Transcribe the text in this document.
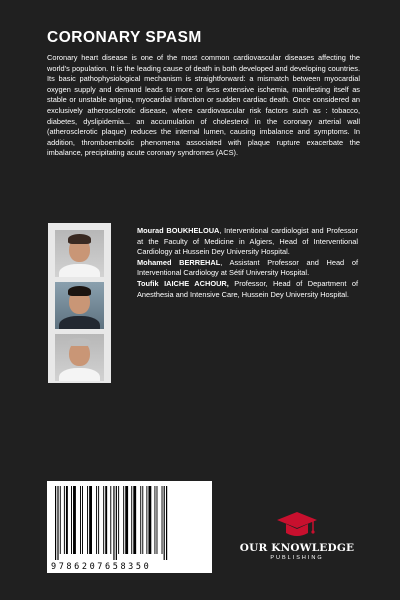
CORONARY SPASM
Coronary heart disease is one of the most common cardiovascular diseases affecting the world's population. It is the leading cause of death in both developed and developing countries. Its basic pathophysiological mechanism is straightforward: a mismatch between myocardial oxygen supply and demand leads to more or less extensive ischemia, manifesting itself as stable or unstable angina, myocardial infarction or sudden cardiac death. Once considered an exclusively atherosclerotic disease, where cardiovascular risk factors such as : tobacco, diabetes, dyslipidemia... an accumulation of cholesterol in the coronary arterial wall (atherosclerotic plaque) reduces the internal lumen, causing imbalance and symptoms. In addition, thromboembolic phenomena associated with plaque rupture exacerbate the imbalance, precipitating acute coronary syndromes (ACS).

Mourad BOUKHELOUA, Interventional cardiologist and Professor at the Faculty of Medicine in Algiers, Head of Interventional Cardiology at Hussein Dey University Hospital.

Mohamed BERREHAL, Assistant Professor and Head of Interventional Cardiology at Sétif University Hospital.

Toufik IAICHE ACHOUR, Professor, Head of Department of Anesthesia and Intensive Care, Hussein Dey University Hospital.

9786207658350
OUR KNOWLEDGE
PUBLISHING
